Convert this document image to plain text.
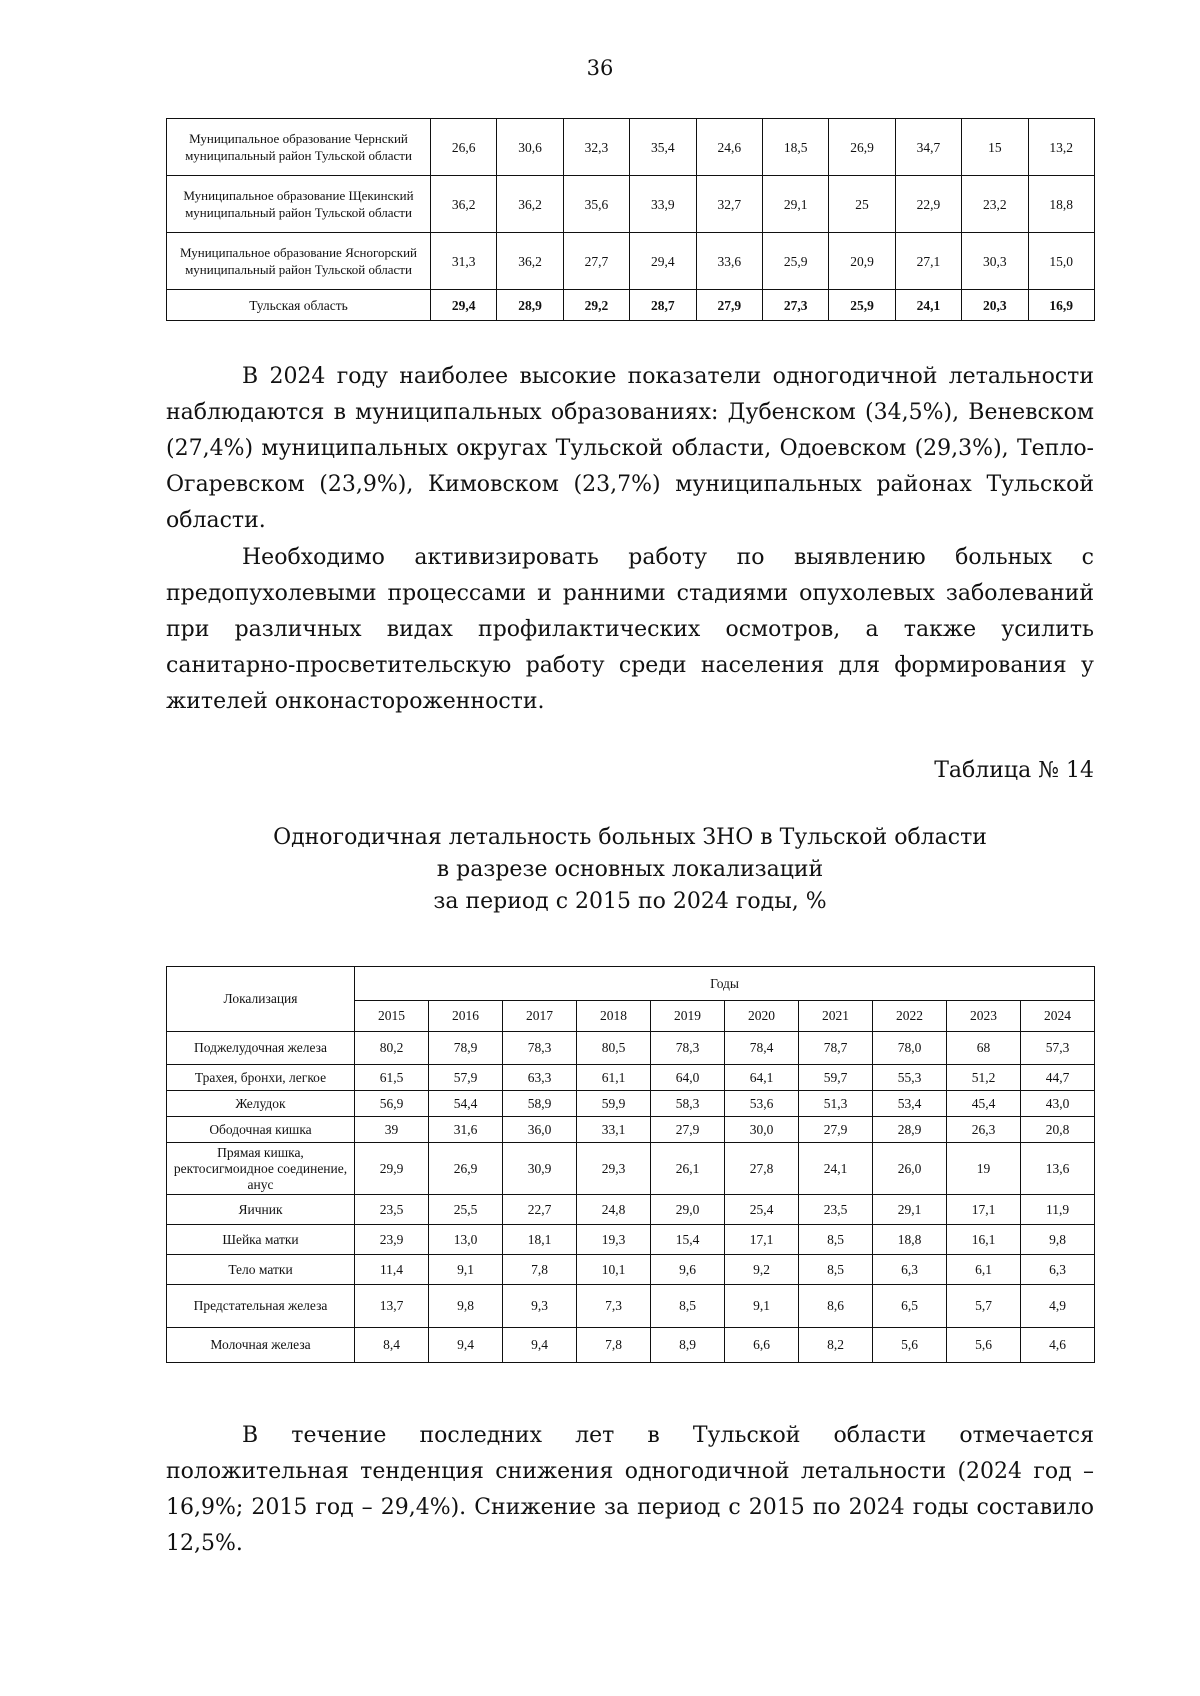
36
Муниципальное образование Чернский муниципальный район Тульской области	26,6	30,6	32,3	35,4	24,6	18,5	26,9	34,7	15	13,2
Муниципальное образование Щекинский муниципальный район Тульской области	36,2	36,2	35,6	33,9	32,7	29,1	25	22,9	23,2	18,8
Муниципальное образование Ясногорский муниципальный район Тульской области	31,3	36,2	27,7	29,4	33,6	25,9	20,9	27,1	30,3	15,0
Тульская область	29,4	28,9	29,2	28,7	27,9	27,3	25,9	24,1	20,3	16,9

В 2024 году наиболее высокие показатели одногодичной летальности наблюдаются в муниципальных образованиях: Дубенском (34,5%), Веневском (27,4%) муниципальных округах Тульской области, Одоевском (29,3%), Тепло-Огаревском (23,9%), Кимовском (23,7%) муниципальных районах Тульской области.

Необходимо активизировать работу по выявлению больных с предопухолевыми процессами и ранними стадиями опухолевых заболеваний при различных видах профилактических осмотров, а также усилить санитарно-просветительскую работу среди населения для формирования у жителей онконастороженности.

Таблица № 14
Одногодичная летальность больных ЗНО в Тульской области
в разрезе основных локализаций
за период с 2015 по 2024 годы, %
Локализация	Годы									
	2015	2016	2017	2018	2019	2020	2021	2022	2023	2024
Поджелудочная железа	80,2	78,9	78,3	80,5	78,3	78,4	78,7	78,0	68	57,3
Трахея, бронхи, легкое	61,5	57,9	63,3	61,1	64,0	64,1	59,7	55,3	51,2	44,7
Желудок	56,9	54,4	58,9	59,9	58,3	53,6	51,3	53,4	45,4	43,0
Ободочная кишка	39	31,6	36,0	33,1	27,9	30,0	27,9	28,9	26,3	20,8
Прямая кишка, ректосигмоидное соединение, анус	29,9	26,9	30,9	29,3	26,1	27,8	24,1	26,0	19	13,6
Яичник	23,5	25,5	22,7	24,8	29,0	25,4	23,5	29,1	17,1	11,9
Шейка матки	23,9	13,0	18,1	19,3	15,4	17,1	8,5	18,8	16,1	9,8
Тело матки	11,4	9,1	7,8	10,1	9,6	9,2	8,5	6,3	6,1	6,3
Предстательная железа	13,7	9,8	9,3	7,3	8,5	9,1	8,6	6,5	5,7	4,9
Молочная железа	8,4	9,4	9,4	7,8	8,9	6,6	8,2	5,6	5,6	4,6

В течение последних лет в Тульской области отмечается положительная тенденция снижения одногодичной летальности (2024 год – 16,9%; 2015 год – 29,4%). Снижение за период с 2015 по 2024 годы составило 12,5%.
